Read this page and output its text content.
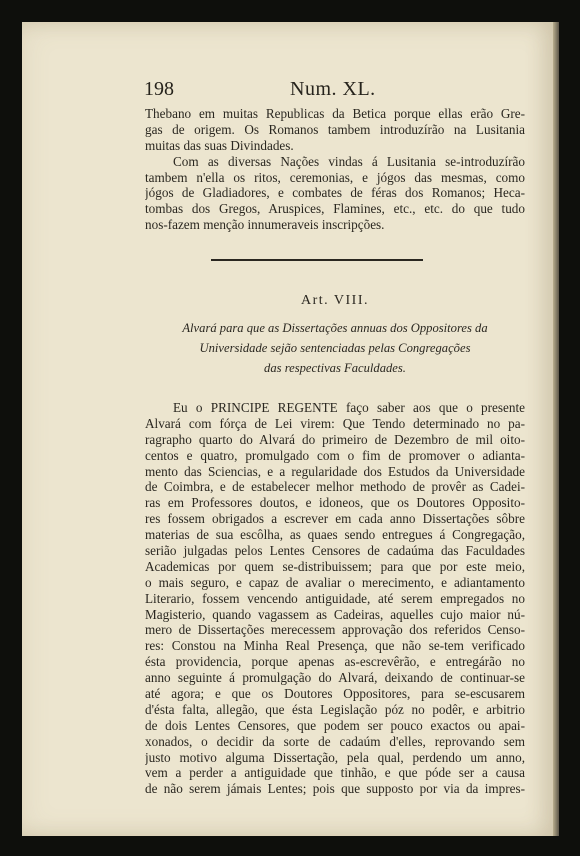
198	Num. XL.
Thebano em muitas Republicas da Betica porque ellas erão Gre-
gas de origem. Os Romanos tambem introduzírão na Lusitania
muitas das suas Divindades.
Com as diversas Nações vindas á Lusitania se-introduzírão
tambem n'ella os ritos, ceremonias, e jógos das mesmas, como
jógos de Gladiadores, e combates de féras dos Romanos; Heca-
tombas dos Gregos, Aruspices, Flamines, etc., etc. do que tudo
nos-fazem menção innumeraveis inscripções.
Art. VIII.
Alvará para que as Dissertações annuas dos Oppositores da
Universidade sejão sentenciadas pelas Congregações
das respectivas Faculdades.
Eu o PRINCIPE REGENTE faço saber aos que o presente
Alvará com fórça de Lei virem: Que Tendo determinado no pa-
ragrapho quarto do Alvará do primeiro de Dezembro de mil oito-
centos e quatro, promulgado com o fim de promover o adianta-
mento das Sciencias, e a regularidade dos Estudos da Universidade
de Coimbra, e de estabelecer melhor methodo de provêr as Cadei-
ras em Professores doutos, e idoneos, que os Doutores Opposito-
res fossem obrigados a escrever em cada anno Dissertações sôbre
materias de sua escôlha, as quaes sendo entregues á Congregação,
serião julgadas pelos Lentes Censores de cadaúma das Faculdades
Academicas por quem se-distribuissem; para que por este meio,
o mais seguro, e capaz de avaliar o merecimento, e adiantamento
Literario, fossem vencendo antiguidade, até serem empregados no
Magisterio, quando vagassem as Cadeiras, aquelles cujo maior nú-
mero de Dissertações merecessem approvação dos referidos Censo-
res: Constou na Minha Real Presença, que não se-tem verificado
ésta providencia, porque apenas as-escrevêrão, e entregárão no
anno seguinte á promulgação do Alvará, deixando de continuar-se
até agora; e que os Doutores Oppositores, para se-escusarem
d'ésta falta, allegão, que ésta Legislação póz no podêr, e arbitrio
de dois Lentes Censores, que podem ser pouco exactos ou apai-
xonados, o decidir da sorte de cadaúm d'elles, reprovando sem
justo motivo alguma Dissertação, pela qual, perdendo um anno,
vem a perder a antiguidade que tinhão, e que póde ser a causa
de não serem jámais Lentes; pois que supposto por via da impres-
